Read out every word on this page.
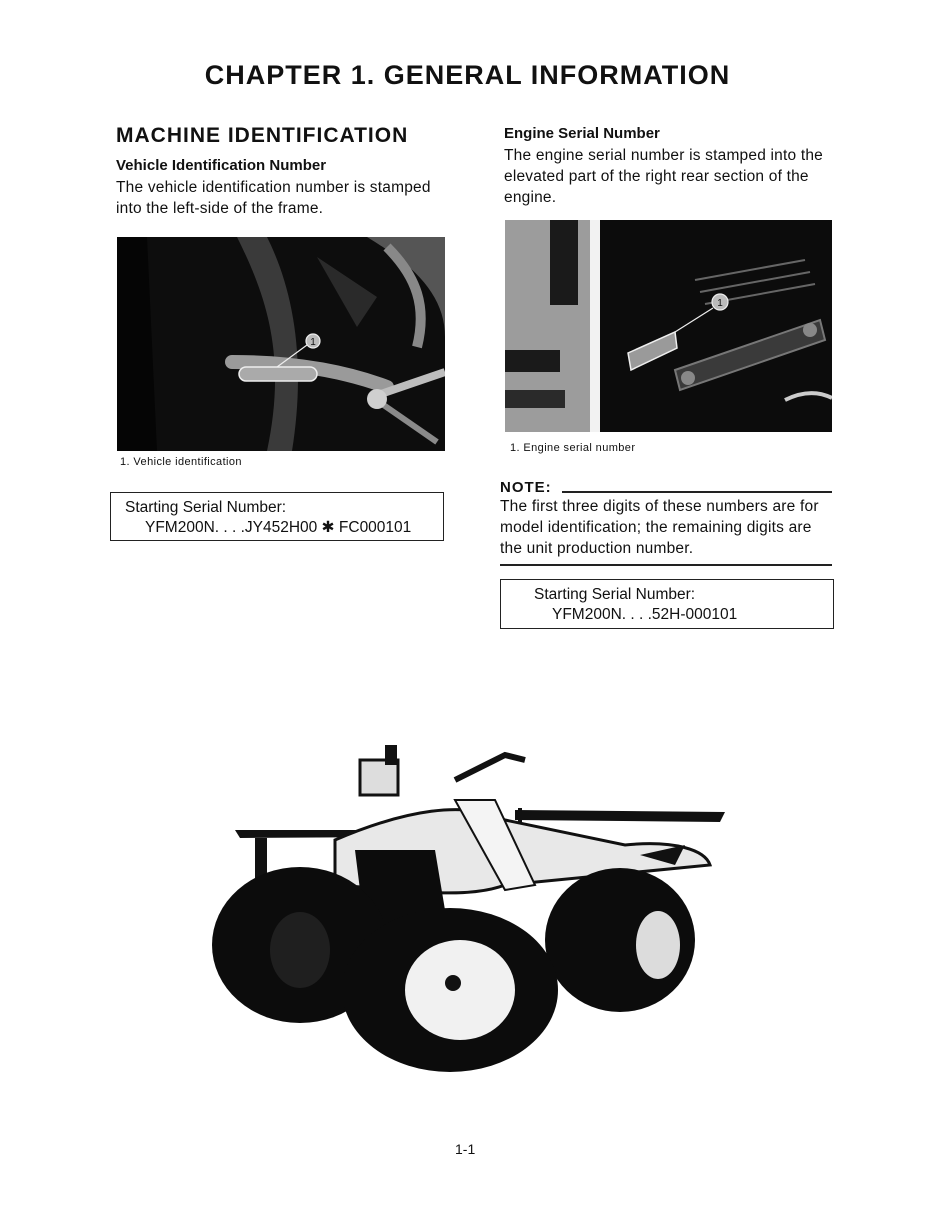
CHAPTER 1. GENERAL INFORMATION
MACHINE IDENTIFICATION
Vehicle Identification Number
The vehicle identification number is stamped
into the left-side of the frame.
1
1. Vehicle identification
Starting Serial Number:
YFM200N. . . .JY452H00 ✱ FC000101
Engine Serial Number
The engine serial number is stamped into the
elevated part of the right rear section of the
engine.
1
1. Engine serial number
NOTE:
The first three digits of these numbers are for
model identification; the remaining digits are
the unit production number.
Starting Serial Number:
YFM200N. . . .52H-000101
1-1
